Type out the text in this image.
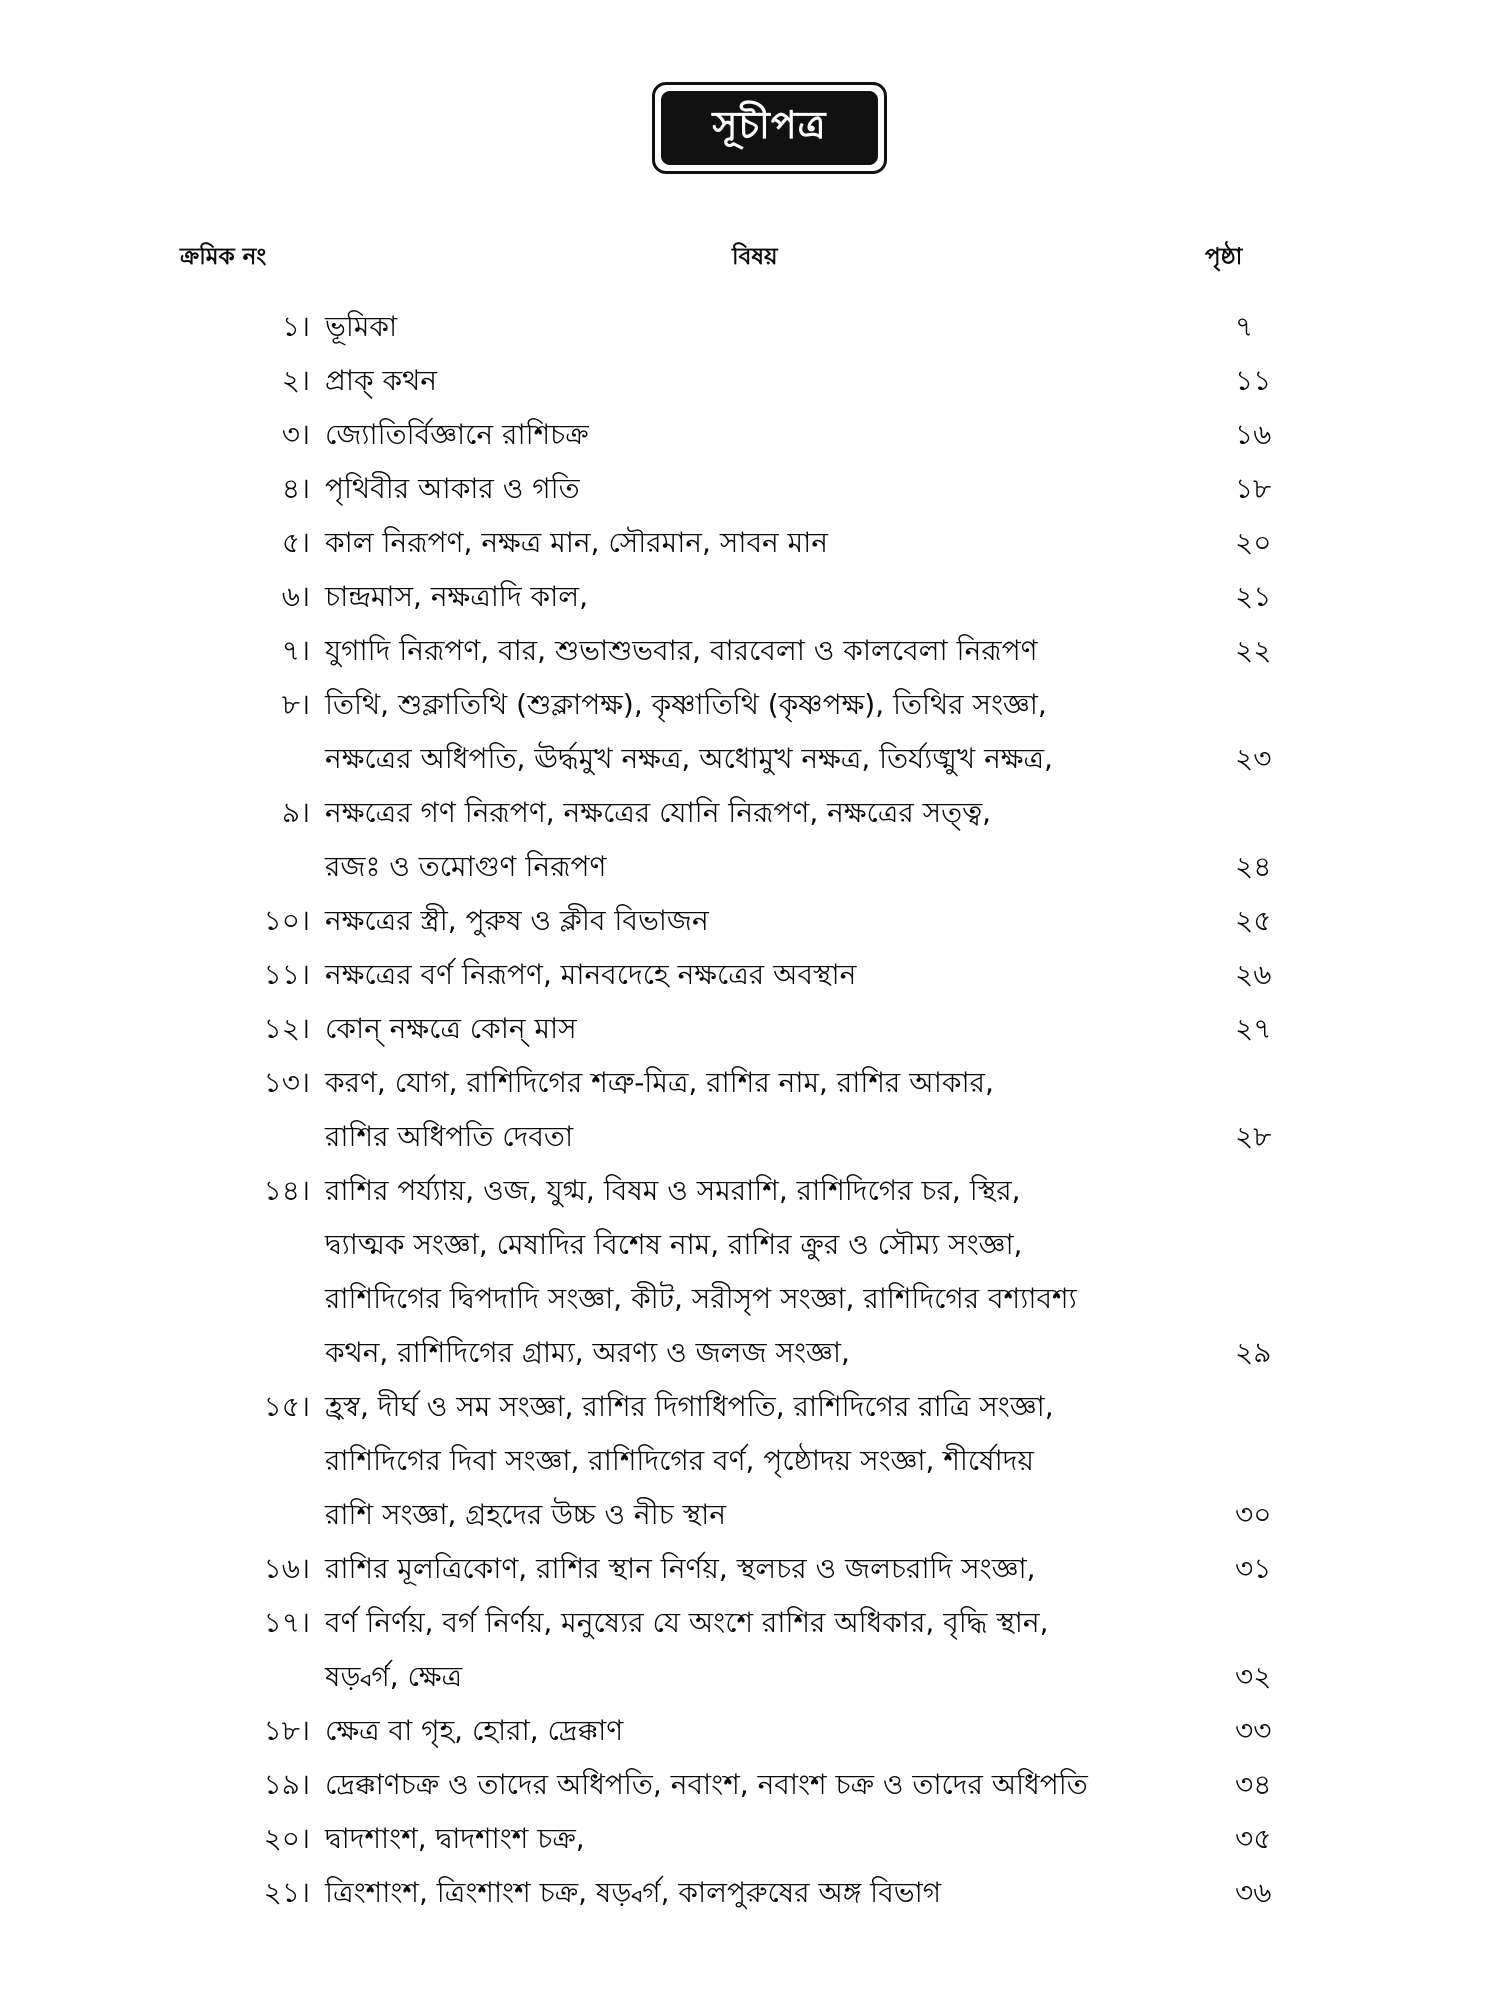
সূচীপত্র
ক্রমিক নং	বিষয়	পৃষ্ঠা
১। ভূমিকা	৭
২। প্রাক্ কথন	১১
৩। জ্যোতির্বিজ্ঞানে রাশিচক্র	১৬
৪। পৃথিবীর আকার ও গতি	১৮
৫। কাল নিরূপণ, নক্ষত্র মান, সৌরমান, সাবন মান	২০
৬। চান্দ্রমাস, নক্ষত্রাদি কাল,	২১
৭। যুগাদি নিরূপণ, বার, শুভাশুভবার, বারবেলা ও কালবেলা নিরূপণ	২২
৮। তিথি, শুক্লাতিথি (শুক্লাপক্ষ), কৃষ্ণাতিথি (কৃষ্ণপক্ষ), তিথির সংজ্ঞা,
নক্ষত্রের অধিপতি, ঊর্দ্ধমুখ নক্ষত্র, অধোমুখ নক্ষত্র, তির্য্যঙ্মুখ নক্ষত্র,	২৩
৯। নক্ষত্রের গণ নিরূপণ, নক্ষত্রের যোনি নিরূপণ, নক্ষত্রের সত্ত্ব,
রজঃ ও তমোগুণ নিরূপণ	২৪
১০। নক্ষত্রের স্ত্রী, পুরুষ ও ক্লীব বিভাজন	২৫
১১। নক্ষত্রের বর্ণ নিরূপণ, মানবদেহে নক্ষত্রের অবস্থান	২৬
১২। কোন্ নক্ষত্রে কোন্ মাস	২৭
১৩। করণ, যোগ, রাশিদিগের শত্রু-মিত্র, রাশির নাম, রাশির আকার,
রাশির অধিপতি দেবতা	২৮
১৪। রাশির পর্য্যায়, ওজ, যুগ্ম, বিষম ও সমরাশি, রাশিদিগের চর, স্থির,
দ্ব্যাত্মক সংজ্ঞা, মেষাদির বিশেষ নাম, রাশির ক্রুর ও সৌম্য সংজ্ঞা,
রাশিদিগের দ্বিপদাদি সংজ্ঞা, কীট, সরীসৃপ সংজ্ঞা, রাশিদিগের বশ্যাবশ্য
কথন, রাশিদিগের গ্রাম্য, অরণ্য ও জলজ সংজ্ঞা,	২৯
১৫। হ্রস্ব, দীর্ঘ ও সম সংজ্ঞা, রাশির দিগাধিপতি, রাশিদিগের রাত্রি সংজ্ঞা,
রাশিদিগের দিবা সংজ্ঞা, রাশিদিগের বর্ণ, পৃষ্ঠোদয় সংজ্ঞা, শীর্ষোদয়
রাশি সংজ্ঞা, গ্রহদের উচ্চ ও নীচ স্থান	৩০
১৬। রাশির মূলত্রিকোণ, রাশির স্থান নির্ণয়, স্থলচর ও জলচরাদি সংজ্ঞা,	৩১
১৭। বর্ণ নির্ণয়, বর্গ নির্ণয়, মনুষ্যের যে অংশে রাশির অধিকার, বৃদ্ধি স্থান,
ষড়্বর্গ, ক্ষেত্র	৩২
১৮। ক্ষেত্র বা গৃহ, হোরা, দ্রেক্কাণ	৩৩
১৯। দ্রেক্কাণচক্র ও তাদের অধিপতি, নবাংশ, নবাংশ চক্র ও তাদের অধিপতি	৩৪
২০। দ্বাদশাংশ, দ্বাদশাংশ চক্র,	৩৫
২১। ত্রিংশাংশ, ত্রিংশাংশ চক্র, ষড়্বর্গ, কালপুরুষের অঙ্গ বিভাগ	৩৬
